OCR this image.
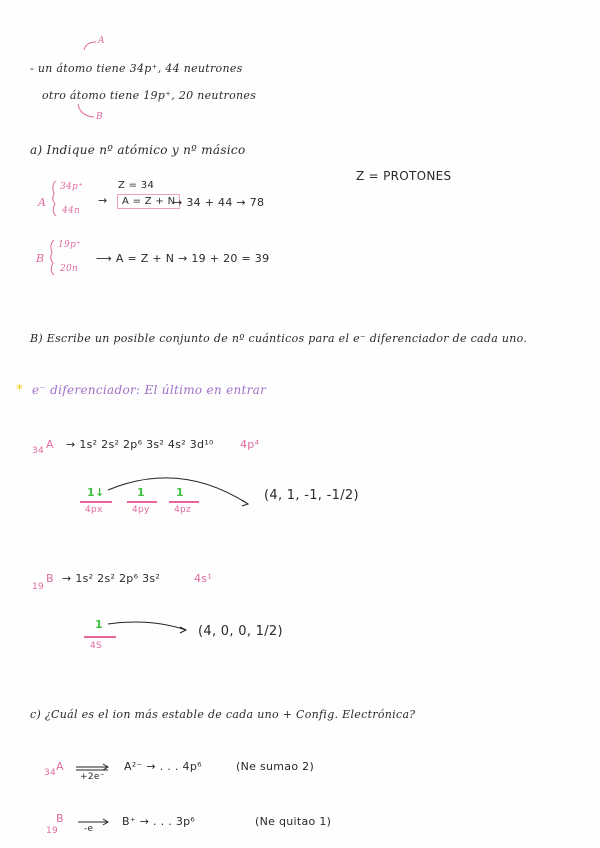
A
- un átomo tiene 34p⁺, 44 neutrones
otro átomo tiene 19p⁺, 20 neutrones
B
a) Indique nº atómico y nº másico
Z = PROTONES
A
34p⁺
44n
Z = 34
→	A = Z + N
→ 34 + 44 → 78
B
19p⁺
20n
⟶ A = Z + N → 19 + 20 = 39
B) Escribe un posible conjunto de nº cuánticos para el e⁻ diferenciador de cada uno.
* e⁻ diferenciador: El último en entrar
34 A → 1s² 2s² 2p⁶ 3s² 4s² 3d¹⁰ 4p⁴
1↓
4px
1
4py
1
4pz
(4, 1, -1, -1/2)
19
B → 1s² 2s² 2p⁶ 3s²	4s¹
1
4S
(4, 0, 0, 1/2)
c) ¿Cuál es el ion más estable de cada uno + Config. Electrónica?
34 A
+2e⁻
A²⁻ → . . . 4p⁶	(Ne sumao 2)
19
B
-e
B⁺ → . . . 3p⁶	(Ne quitao 1)
